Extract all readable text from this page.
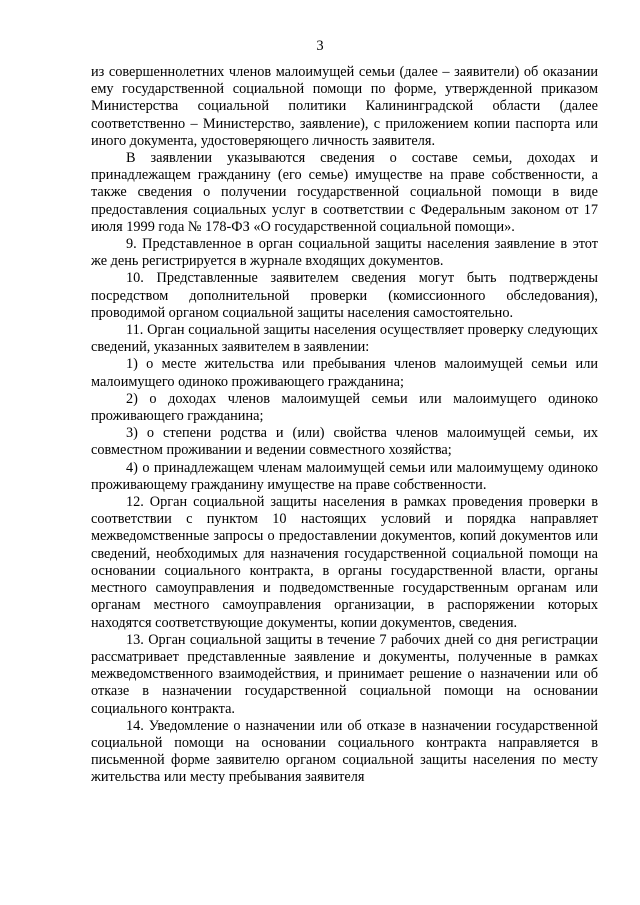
3

из совершеннолетних членов малоимущей семьи (далее – заявители) об оказании ему государственной социальной помощи по форме, утвержденной приказом Министерства социальной политики Калининградской области (далее соответственно – Министерство, заявление), с приложением копии паспорта или иного документа, удостоверяющего личность заявителя.

В заявлении указываются сведения о составе семьи, доходах и принадлежащем гражданину (его семье) имуществе на праве собственности, а также сведения о получении государственной социальной помощи в виде предоставления социальных услуг в соответствии с Федеральным законом от 17 июля 1999 года № 178-ФЗ «О государственной социальной помощи».

9. Представленное в орган социальной защиты населения заявление в этот же день регистрируется в журнале входящих документов.

10. Представленные заявителем сведения могут быть подтверждены посредством дополнительной проверки (комиссионного обследования), проводимой органом социальной защиты населения самостоятельно.

11. Орган социальной защиты населения осуществляет проверку следующих сведений, указанных заявителем в заявлении:

1) о месте жительства или пребывания членов малоимущей семьи или малоимущего одиноко проживающего гражданина;

2) о доходах членов малоимущей семьи или малоимущего одиноко проживающего гражданина;

3) о степени родства и (или) свойства членов малоимущей семьи, их совместном проживании и ведении совместного хозяйства;

4) о принадлежащем членам малоимущей семьи или малоимущему одиноко проживающему гражданину имуществе на праве собственности.

12. Орган социальной защиты населения в рамках проведения проверки в соответствии с пунктом 10 настоящих условий и порядка направляет межведомственные запросы о предоставлении документов, копий документов или сведений, необходимых для назначения государственной социальной помощи на основании социального контракта, в органы государственной власти, органы местного самоуправления и подведомственные государственным органам или органам местного самоуправления организации, в распоряжении которых находятся соответствующие документы, копии документов, сведения.

13. Орган социальной защиты в течение 7 рабочих дней со дня регистрации рассматривает представленные заявление и документы, полученные в рамках межведомственного взаимодействия, и принимает решение о назначении или об отказе в назначении государственной социальной помощи на основании социального контракта.

14. Уведомление о назначении или об отказе в назначении государственной социальной помощи на основании социального контракта направляется в письменной форме заявителю органом социальной защиты населения по месту жительства или месту пребывания заявителя
